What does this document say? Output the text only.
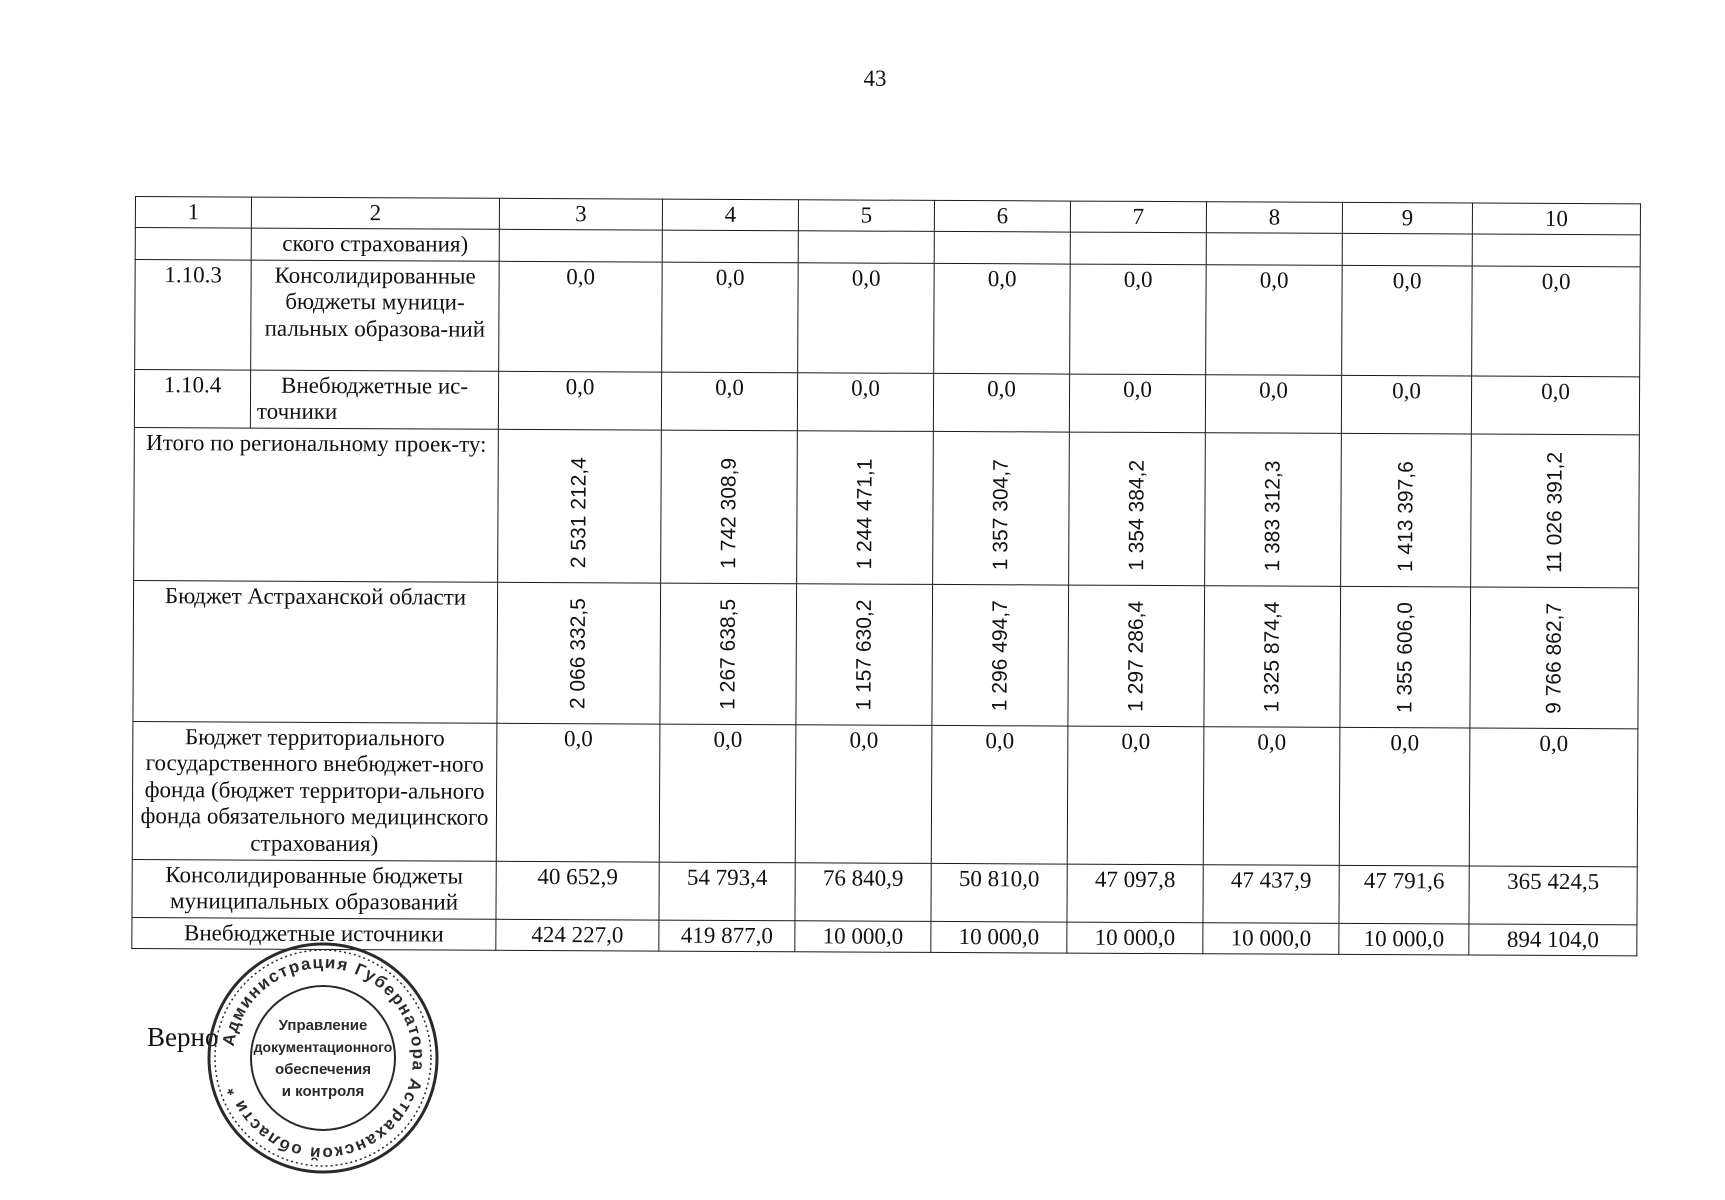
43
1	2	3	4	5	6	7	8	9	10
	ского страхования)								
1.10.3	Консолидированные бюджеты муници-пальных образова-ний	0,0	0,0	0,0	0,0	0,0	0,0	0,0	0,0
1.10.4	Внебюджетные ис-точники	0,0	0,0	0,0	0,0	0,0	0,0	0,0	0,0
Итого по региональному проек-ту:		2 531 212,4	1 742 308,9	1 244 471,1	1 357 304,7	1 354 384,2	1 383 312,3	1 413 397,6	11 026 391,2

Бюджет Астраханской области		2 066 332,5	1 267 638,5	1 157 630,2	1 296 494,7	1 297 286,4	1 325 874,4	1 355 606,0	9 766 862,7

Бюджет территориального государственного внебюджет-ного фонда (бюджет территори-ального фонда обязательного медицинского страхования)		0,0	0,0	0,0	0,0	0,0	0,0	0,0	0,0
Консолидированные бюджеты муниципальных образований		40 652,9	54 793,4	76 840,9	50 810,0	47 097,8	47 437,9	47 791,6	365 424,5
Внебюджетные источники		424 227,0	419 877,0	10 000,0	10 000,0	10 000,0	10 000,0	10 000,0	894 104,0
Верно Администрация Губернатора Астраханской области *
Управление
документационного
обеспечения
и контроля
